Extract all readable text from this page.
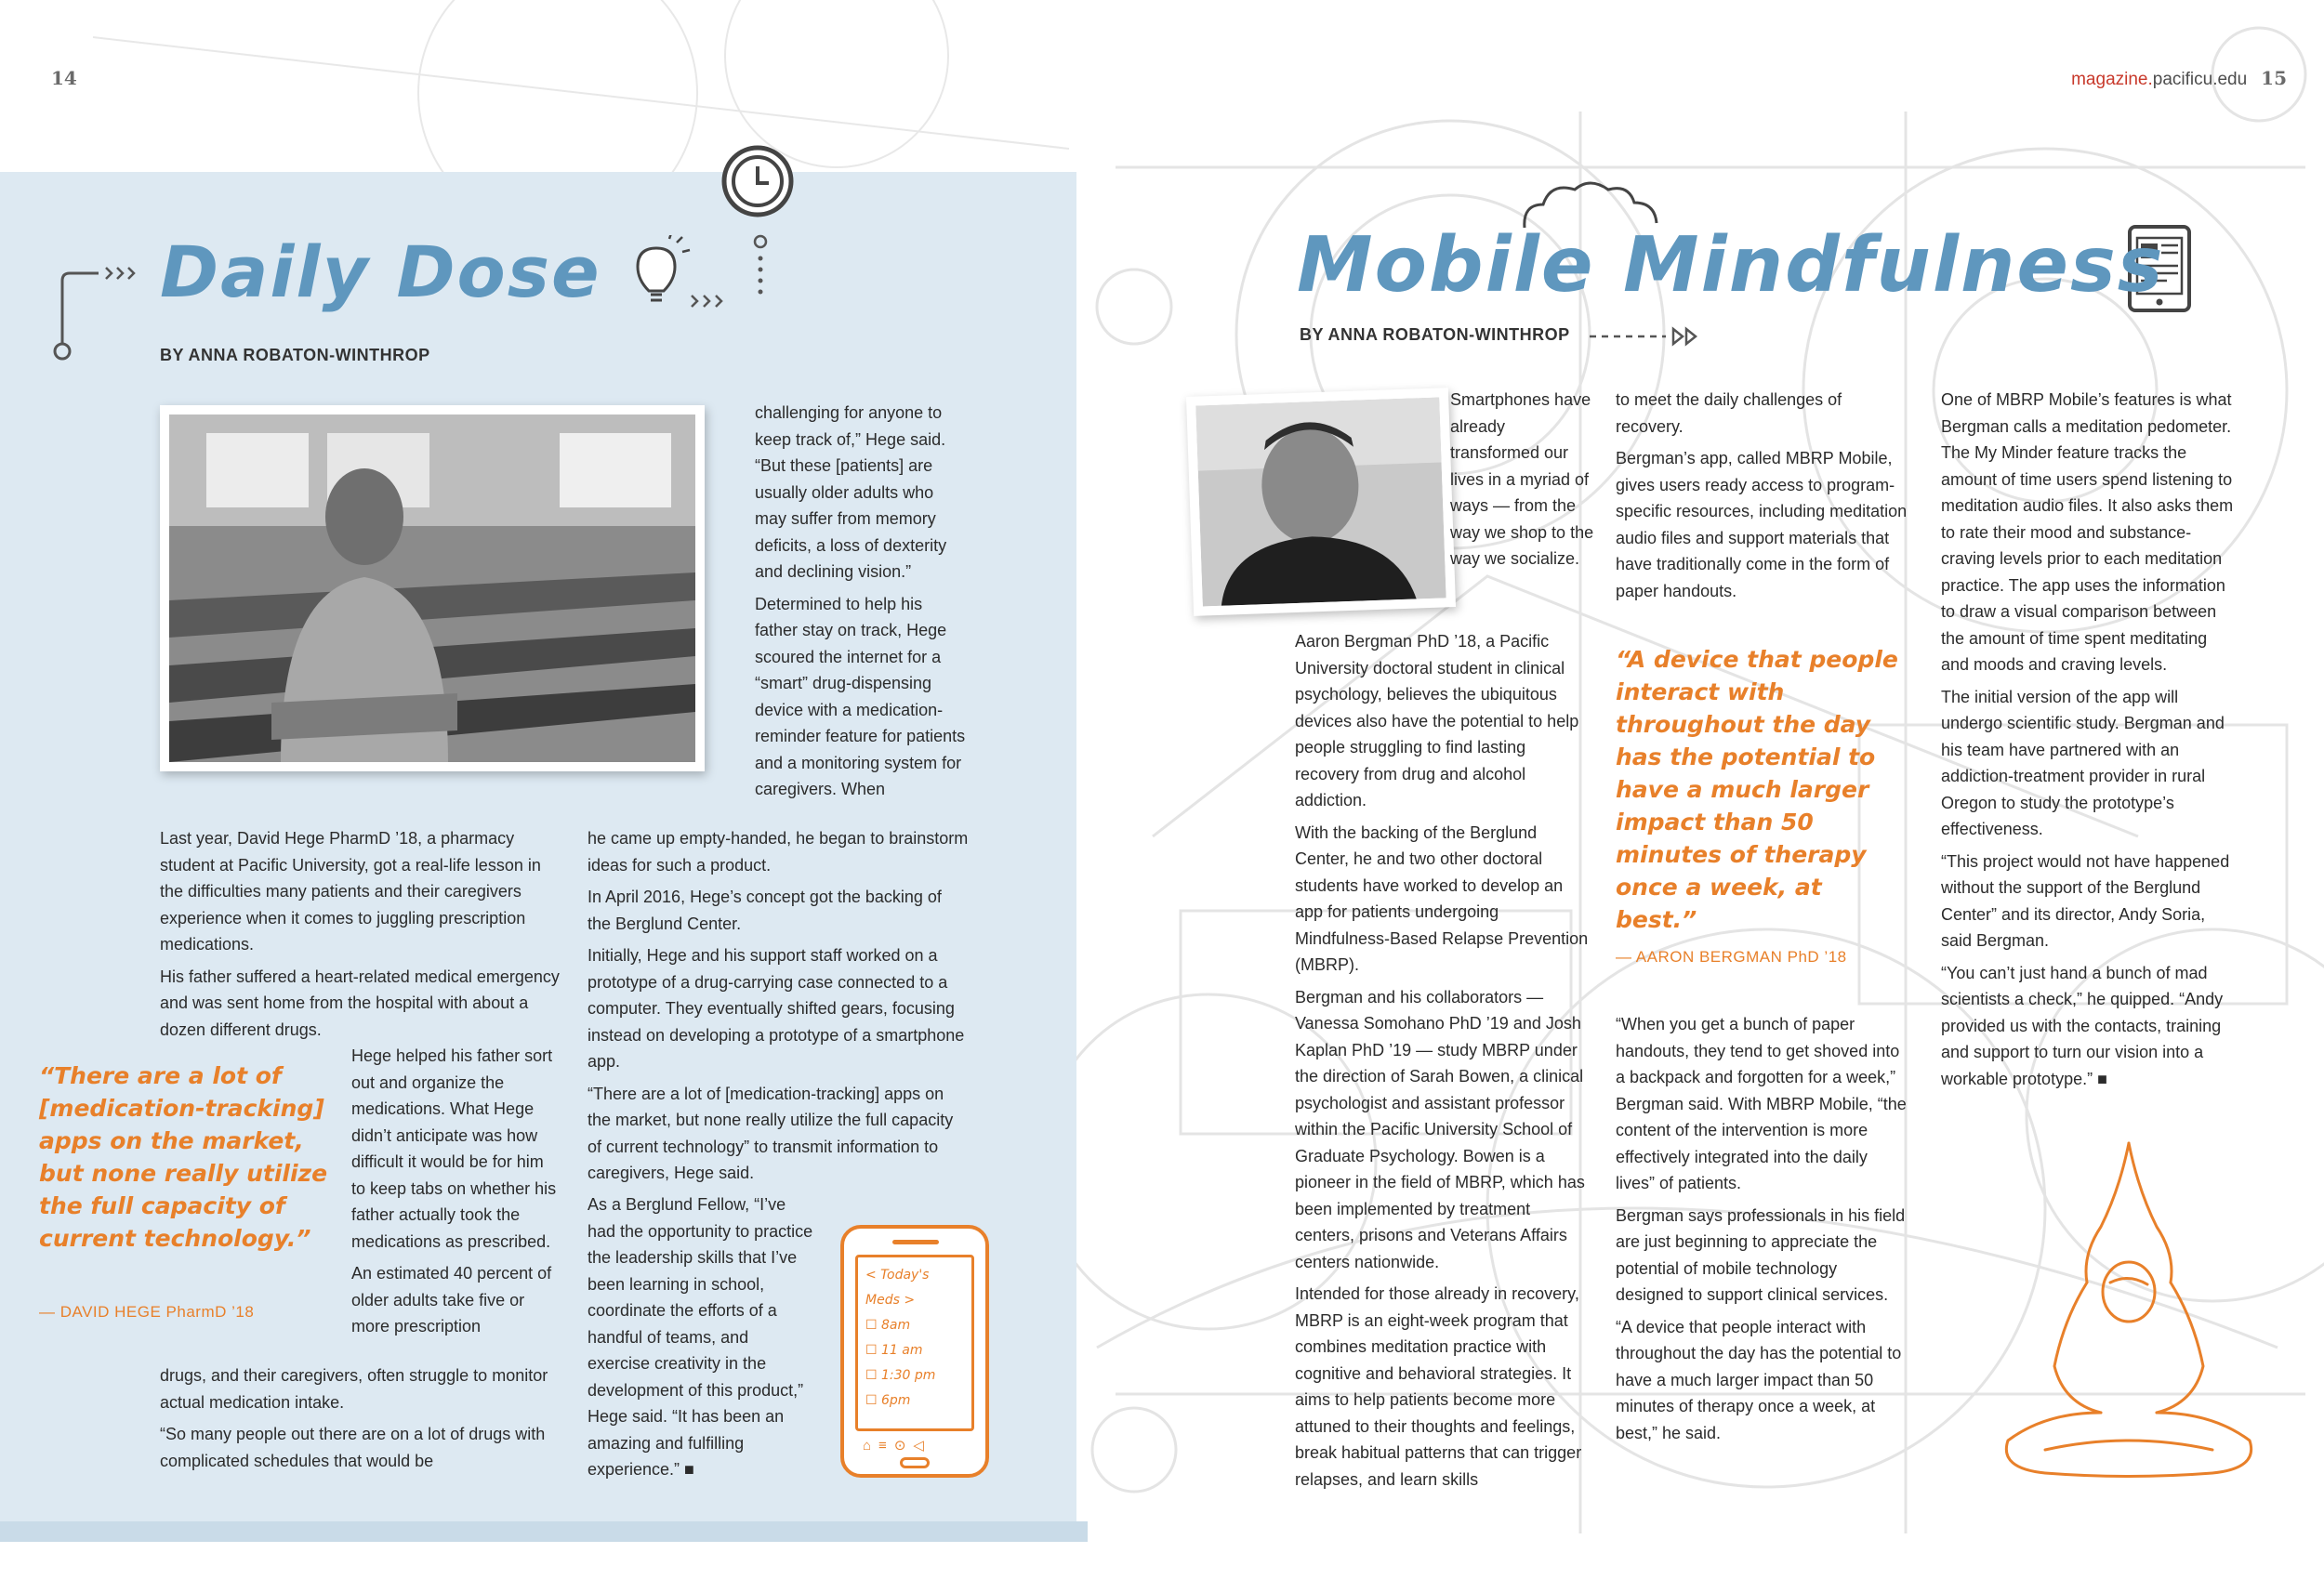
14	magazine.pacificu.edu 15
Daily Dose
BY ANNA ROBATON-WINTHROP

Last year, David Hege PharmD ’18, a pharmacy student at Pacific University, got a real-life lesson in the difficulties many patients and their caregivers experience when it comes to juggling prescription medications.

His father suffered a heart-related medical emergency and was sent home from the hospital with about a dozen different drugs.

Hege helped his father sort out and organize the medications. What Hege didn’t anticipate was how difficult it would be for him to keep tabs on whether his father actually took the medications as prescribed.

An estimated 40 percent of older adults take five or more prescription

drugs, and their caregivers, often struggle to monitor actual medication intake.

“So many people out there are on a lot of drugs with complicated schedules that would be

“There are a lot of [medication-tracking] apps on the market, but none really utilize the full capacity of current technology.”
— DAVID HEGE PharmD ’18

challenging for anyone to keep track of,” Hege said. “But these [patients] are usually older adults who may suffer from memory deficits, a loss of dexterity and declining vision.”

Determined to help his father stay on track, Hege scoured the internet for a “smart” drug-dispensing device with a medication-reminder feature for patients and a monitoring system for caregivers. When

he came up empty-handed, he began to brainstorm ideas for such a product.

In April 2016, Hege’s concept got the backing of the Berglund Center.

Initially, Hege and his support staff worked on a prototype of a drug-carrying case connected to a computer. They eventually shifted gears, focusing instead on developing a prototype of a smartphone app.

“There are a lot of [medication-tracking] apps on the market, but none really utilize the full capacity of current technology” to transmit information to caregivers, Hege said.

As a Berglund Fellow, “I’ve had the opportunity to practice the leadership skills that I’ve been learning in school, coordinate the efforts of a handful of teams, and exercise creativity in the development of this product,” Hege said. “It has been an amazing and fulfilling experience.” ■

< Today's Meds >
☐ 8am
☐ 11 am
☐ 1:30 pm
☐ 6pm
⌂≡⊙◁
Mobile Mindfulness
BY ANNA ROBATON-WINTHROP

Smartphones have already transformed our lives in a myriad of ways — from the way we shop to the way we socialize.

Aaron Bergman PhD ’18, a Pacific University doctoral student in clinical psychology, believes the ubiquitous devices also have the potential to help people struggling to find lasting recovery from drug and alcohol addiction.

With the backing of the Berglund Center, he and two other doctoral students have worked to develop an app for patients undergoing Mindfulness-Based Relapse Prevention (MBRP).

Bergman and his collaborators — Vanessa Somohano PhD ’19 and Josh Kaplan PhD ’19 — study MBRP under the direction of Sarah Bowen, a clinical psychologist and assistant professor within the Pacific University School of Graduate Psychology. Bowen is a pioneer in the field of MBRP, which has been implemented by treatment centers, prisons and Veterans Affairs centers nationwide.

Intended for those already in recovery, MBRP is an eight-week program that combines meditation practice with cognitive and behavioral strategies. It aims to help patients become more attuned to their thoughts and feelings, break habitual patterns that can trigger relapses, and learn skills

to meet the daily challenges of recovery.

Bergman’s app, called MBRP Mobile, gives users ready access to program-specific resources, including meditation audio files and support materials that have traditionally come in the form of paper handouts.

“A device that people interact with throughout the day has the potential to have a much larger impact than 50 minutes of therapy once a week, at best.”
— AARON BERGMAN PhD ’18

“When you get a bunch of paper handouts, they tend to get shoved into a backpack and forgotten for a week,” Bergman said. With MBRP Mobile, “the content of the intervention is more effectively integrated into the daily lives” of patients.

Bergman says professionals in his field are just beginning to appreciate the potential of mobile technology designed to support clinical services.

“A device that people interact with throughout the day has the potential to have a much larger impact than 50 minutes of therapy once a week, at best,” he said.

One of MBRP Mobile’s features is what Bergman calls a meditation pedometer. The My Minder feature tracks the amount of time users spend listening to meditation audio files. It also asks them to rate their mood and substance-craving levels prior to each meditation practice. The app uses the information to draw a visual comparison between the amount of time spent meditating and moods and craving levels.

The initial version of the app will undergo scientific study. Bergman and his team have partnered with an addiction-treatment provider in rural Oregon to study the prototype’s effectiveness.

“This project would not have happened without the support of the Berglund Center” and its director, Andy Soria, said Bergman.

“You can’t just hand a bunch of mad scientists a check,” he quipped. “Andy provided us with the contacts, training and support to turn our vision into a workable prototype.” ■
